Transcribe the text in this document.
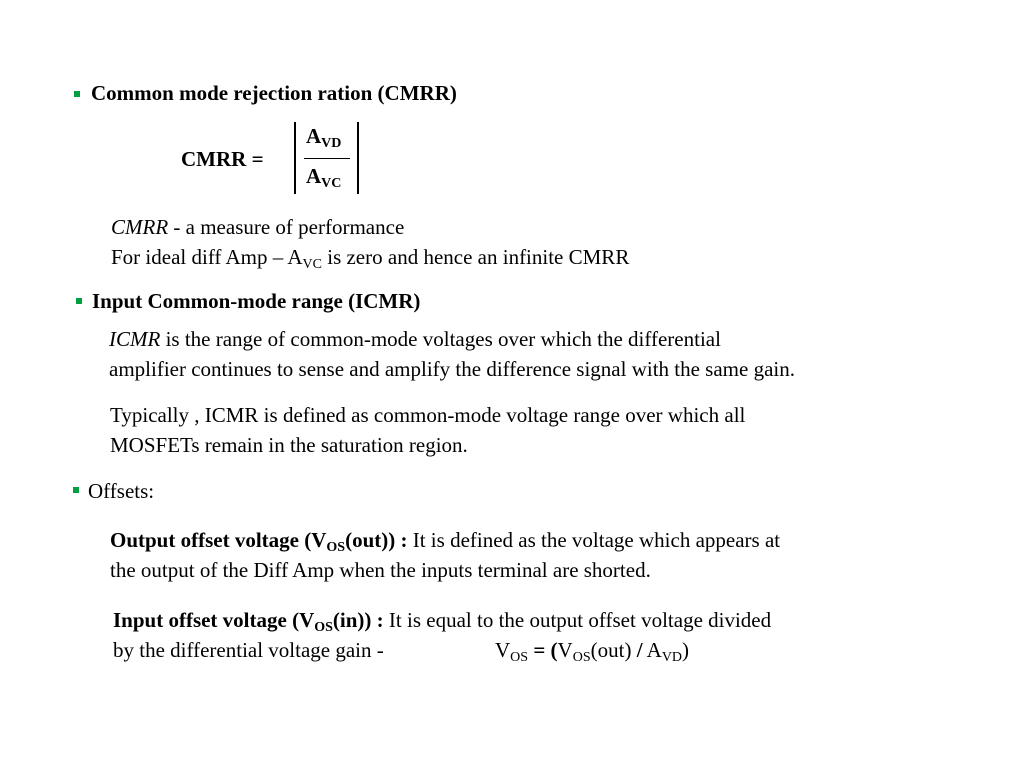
Common mode rejection ration (CMRR)
CMRR =
AVD
AVC
CMRR - a measure of performance
For ideal diff Amp – $A_{VC}$ is zero and hence an infinite CMRR
Input Common-mode range (ICMR)
ICMR is the range of common-mode voltages over which the differential
amplifier continues to sense and amplify the difference signal with the same gain.
Typically , ICMR is defined as common-mode voltage range over which all
MOSFETs remain in the saturation region.
Offsets:
Output offset voltage (VOS(out)) : It is defined as the voltage which appears at
the output of the Diff Amp when the inputs terminal are shorted.
Input offset voltage (VOS(in)) : It is equal to the output offset voltage divided
by the differential voltage gain -	$V_{OS} = (V_{OS}(out) / A_{VD})$
